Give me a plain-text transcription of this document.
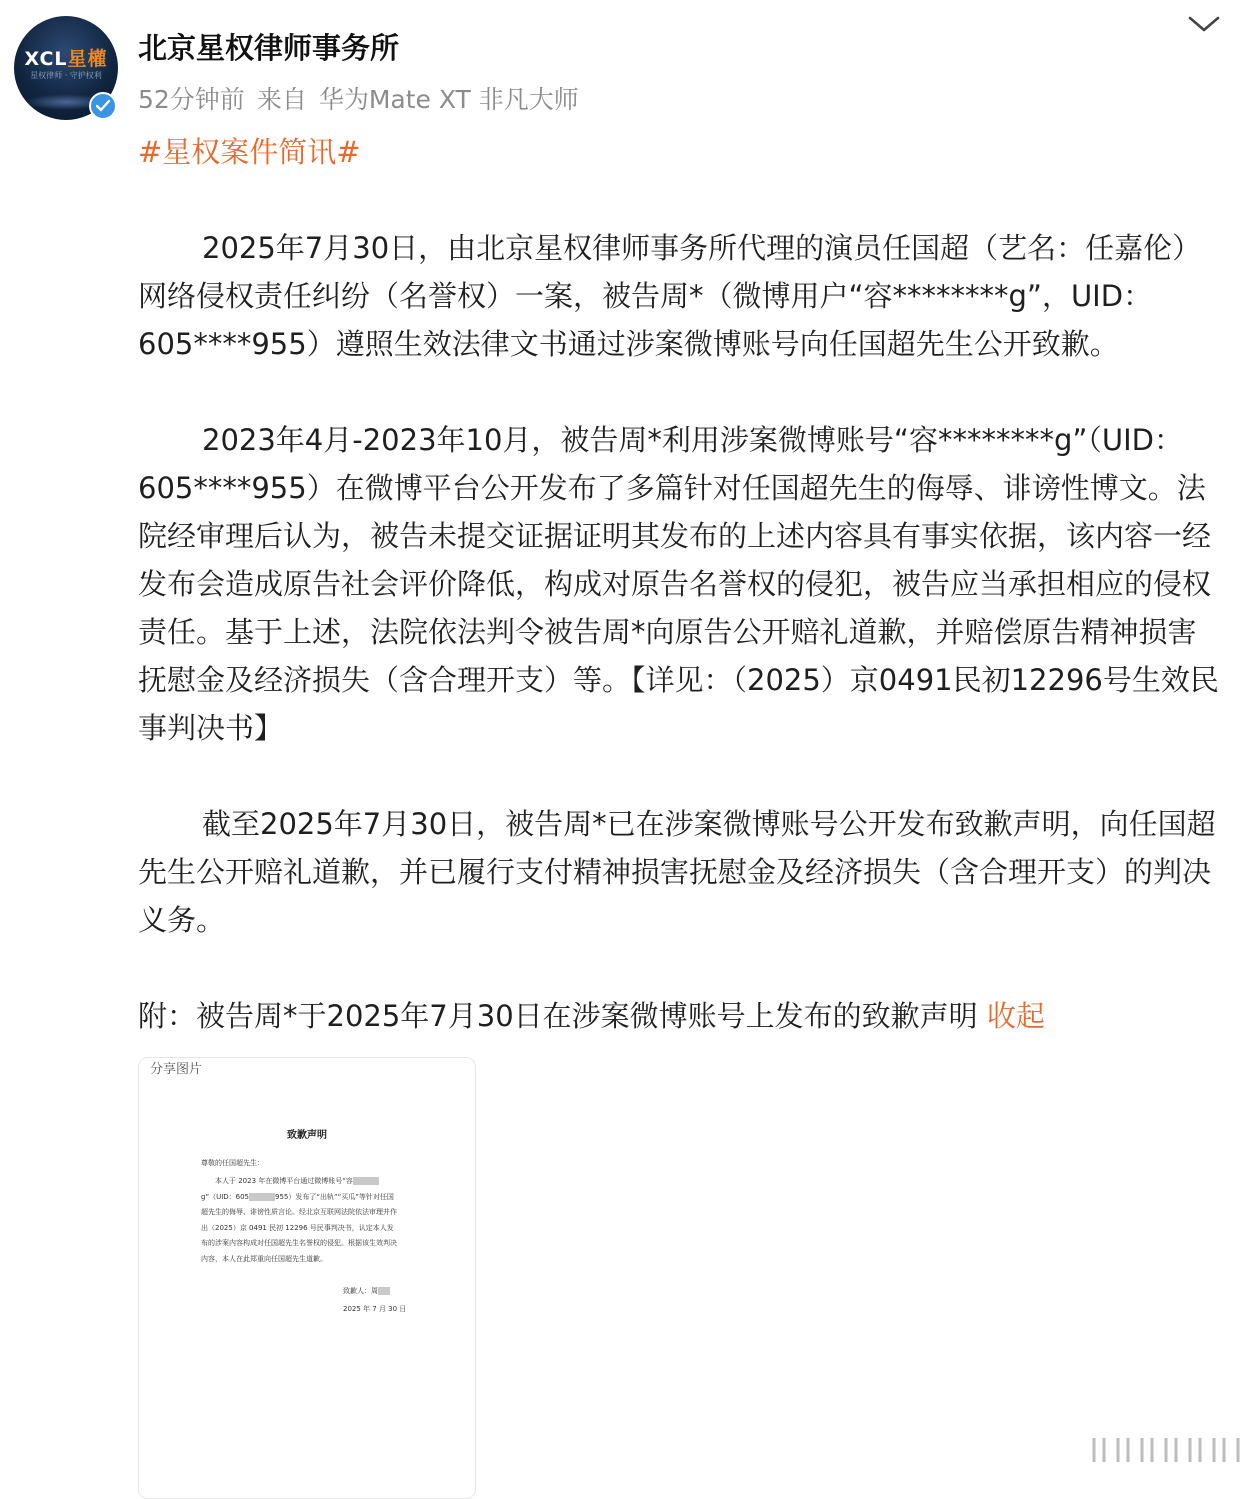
XCL星權
星权律师 · 守护权利
北京星权律师事务所
52分钟前 来自 华为Mate XT 非凡大师
#星权案件简讯#

2025年7月30日，由北京星权律师事务所代理的演员任国超（艺名：任嘉伦）网络侵权责任纠纷（名誉权）一案，被告周*（微博用户“容********g”，UID：605****955）遵照生效法律文书通过涉案微博账号向任国超先生公开致歉。

2023年4月-2023年10月，被告周*利用涉案微博账号“容********g”（UID：605****955）在微博平台公开发布了多篇针对任国超先生的侮辱、诽谤性博文。法院经审理后认为，被告未提交证据证明其发布的上述内容具有事实依据，该内容一经发布会造成原告社会评价降低，构成对原告名誉权的侵犯，被告应当承担相应的侵权责任。基于上述，法院依法判令被告周*向原告公开赔礼道歉，并赔偿原告精神损害抚慰金及经济损失（含合理开支）等。【详见：（2025）京0491民初12296号生效民事判决书】

截至2025年7月30日，被告周*已在涉案微博账号公开发布致歉声明，向任国超先生公开赔礼道歉，并已履行支付精神损害抚慰金及经济损失（含合理开支）的判决义务。

附：被告周*于2025年7月30日在涉案微博账号上发布的致歉声明 收起
分享图片
致歉声明
尊敬的任国超先生：
本人于 2023 年在微博平台通过微博账号“容g”（UID：605	955）发布了“出轨”“买瓜”等针对任国超先生的侮辱、诽谤性质言论。经北京互联网法院依法审理并作出（2025）京 0491 民初 12296 号民事判决书，认定本人发布的涉案内容构成对任国超先生名誉权的侵犯。根据该生效判决内容，本人在此郑重向任国超先生道歉。
致歉人：周
2025 年 7 月 30 日
